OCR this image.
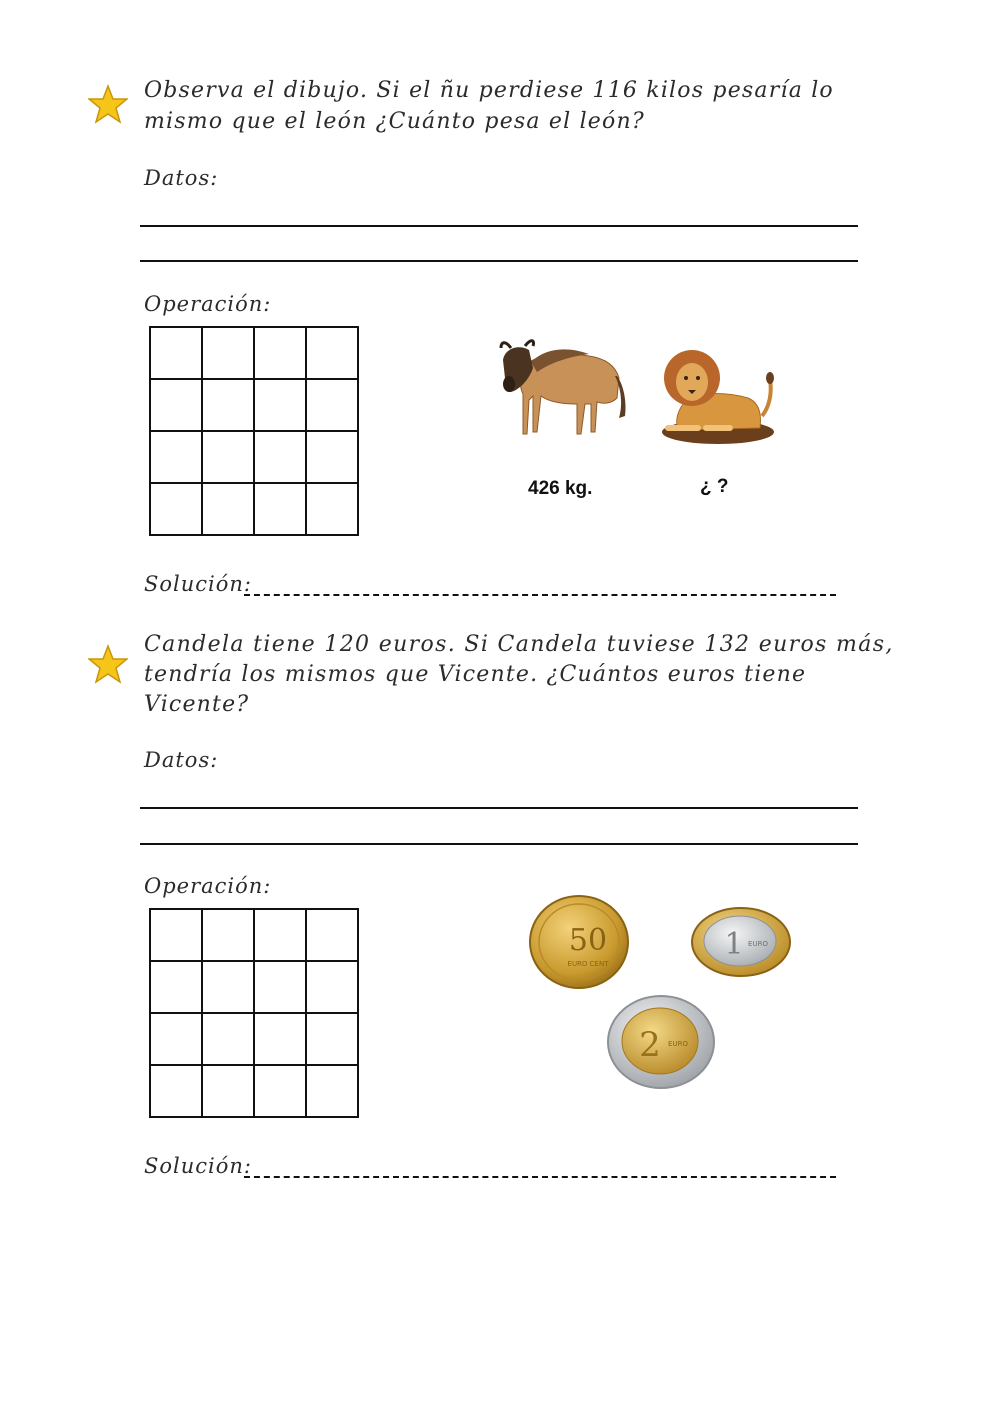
Observa el dibujo. Si el ñu perdiese 116 kilos pesaría lo
mismo que el león ¿Cuánto pesa el león?
Datos:
Operación:
426 kg.	¿ ?
Solución:
Candela tiene 120 euros. Si Candela tuviese 132 euros más,
tendría los mismos que Vicente. ¿Cuántos euros tiene
Vicente?
Datos:
Operación:
50
EURO CENT
1 EURO
2 EURO
Solución:
